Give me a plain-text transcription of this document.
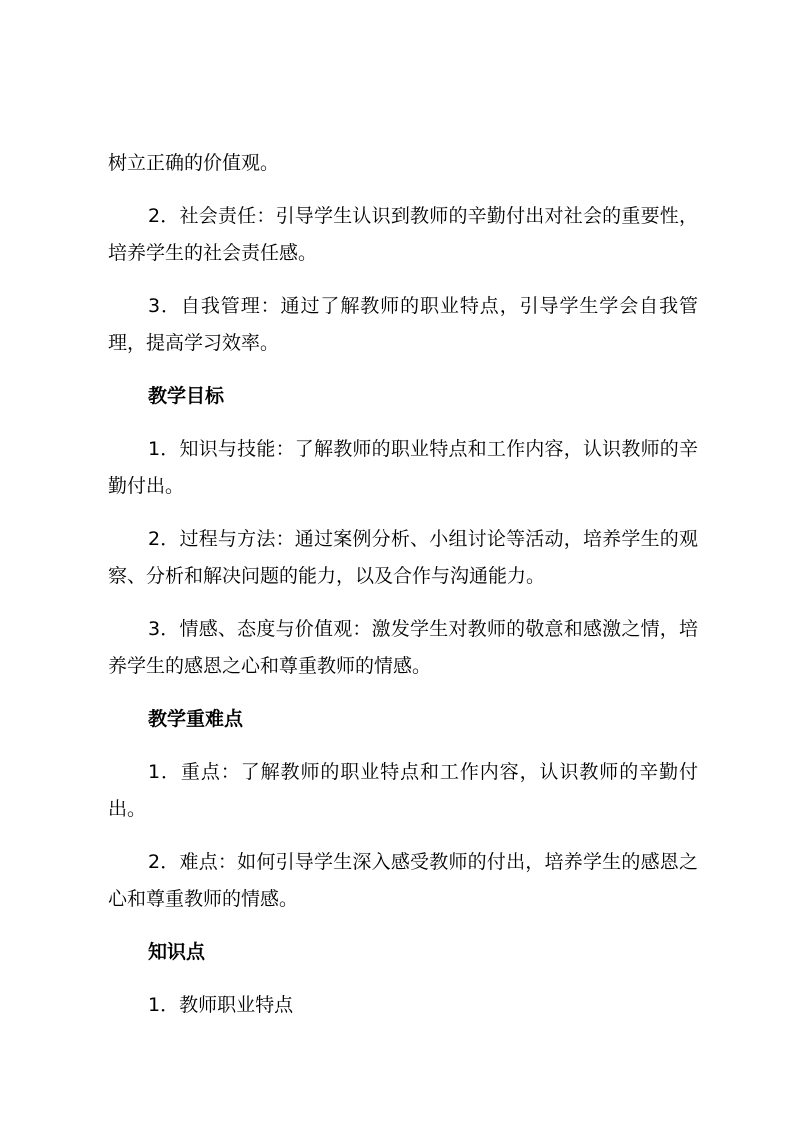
树立正确的价值观。

2．社会责任：引导学生认识到教师的辛勤付出对社会的重要性，培养学生的社会责任感。

3．自我管理：通过了解教师的职业特点，引导学生学会自我管理，提高学习效率。

教学目标

1．知识与技能：了解教师的职业特点和工作内容，认识教师的辛勤付出。

2．过程与方法：通过案例分析、小组讨论等活动，培养学生的观察、分析和解决问题的能力，以及合作与沟通能力。

3．情感、态度与价值观：激发学生对教师的敬意和感激之情，培养学生的感恩之心和尊重教师的情感。

教学重难点

1．重点：了解教师的职业特点和工作内容，认识教师的辛勤付出。

2．难点：如何引导学生深入感受教师的付出，培养学生的感恩之心和尊重教师的情感。

知识点

1．教师职业特点
